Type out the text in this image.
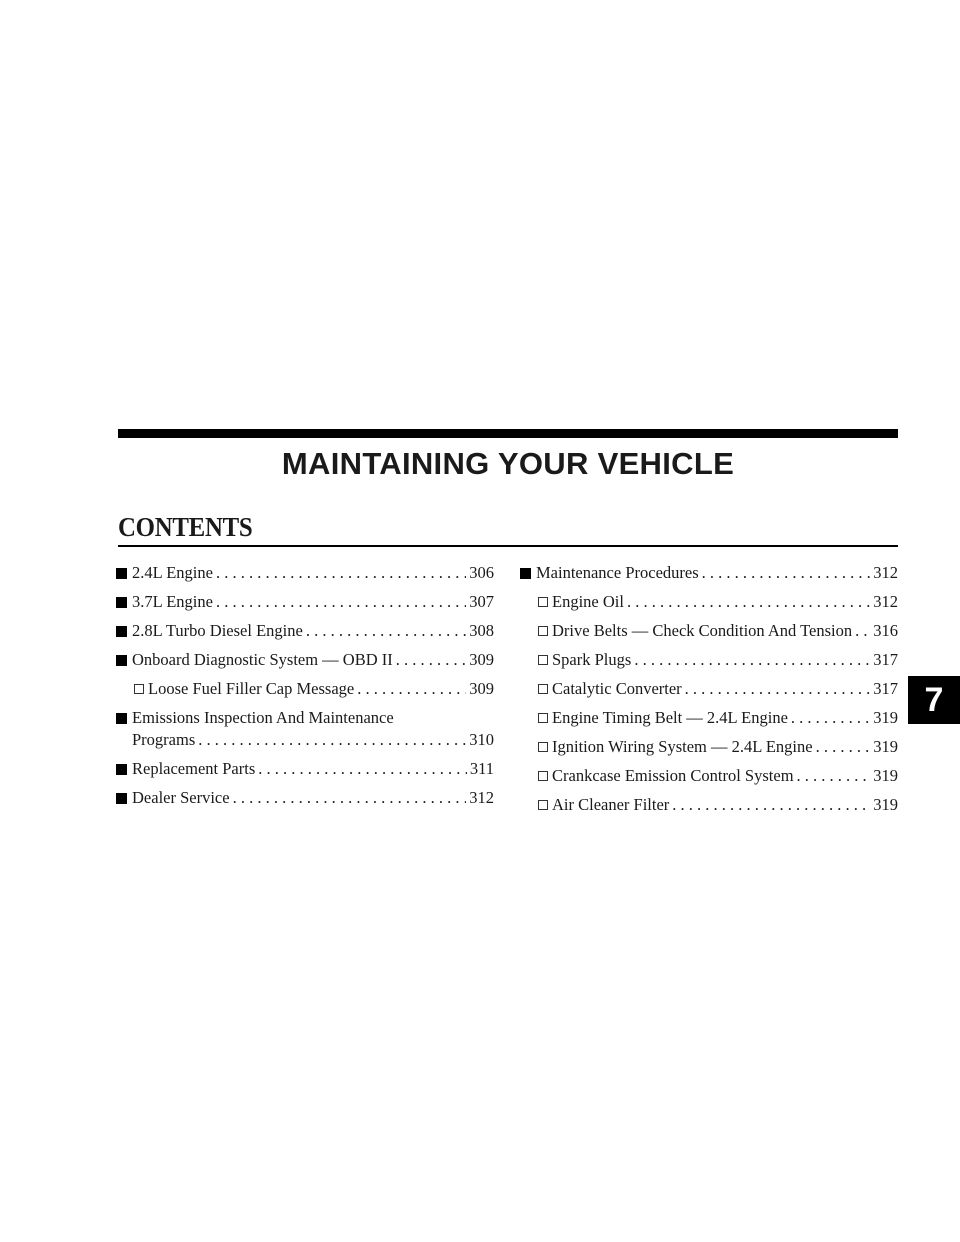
MAINTAINING YOUR VEHICLE
CONTENTS
2.4L Engine . . .	306
3.7L Engine . . .	307
2.8L Turbo Diesel Engine . . .	308
Onboard Diagnostic System — OBD II . . .	309
Loose Fuel Filler Cap Message . . .	309
Emissions Inspection And Maintenance
Programs . . .	310
Replacement Parts . . .	311
Dealer Service . . .	312
Maintenance Procedures . . .	312
Engine Oil . . .	312
Drive Belts — Check Condition And Tension . . . 316
Spark Plugs . . .	317
Catalytic Converter . . .	317
Engine Timing Belt — 2.4L Engine . . .	319
Ignition Wiring System — 2.4L Engine . . .	319
Crankcase Emission Control System . . .	319
Air Cleaner Filter . . .	319
7
